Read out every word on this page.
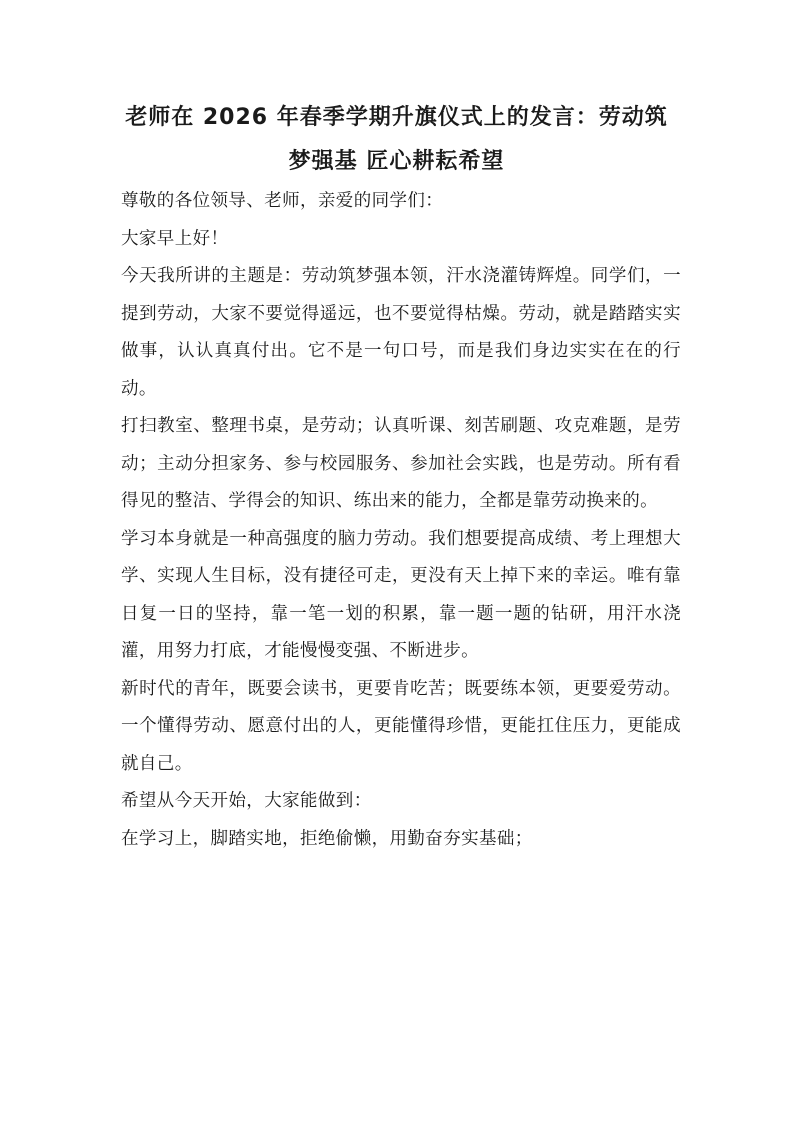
老师在 2026 年春季学期升旗仪式上的发言：劳动筑
梦强基 匠心耕耘希望

尊敬的各位领导、老师，亲爱的同学们：

大家早上好！

今天我所讲的主题是：劳动筑梦强本领，汗水浇灌铸辉煌。同学们，一提到劳动，大家不要觉得遥远，也不要觉得枯燥。劳动，就是踏踏实实做事，认认真真付出。它不是一句口号，而是我们身边实实在在的行动。

打扫教室、整理书桌，是劳动；认真听课、刻苦刷题、攻克难题，是劳动；主动分担家务、参与校园服务、参加社会实践，也是劳动。所有看得见的整洁、学得会的知识、练出来的能力，全都是靠劳动换来的。

学习本身就是一种高强度的脑力劳动。我们想要提高成绩、考上理想大学、实现人生目标，没有捷径可走，更没有天上掉下来的幸运。唯有靠日复一日的坚持，靠一笔一划的积累，靠一题一题的钻研，用汗水浇灌，用努力打底，才能慢慢变强、不断进步。

新时代的青年，既要会读书，更要肯吃苦；既要练本领，更要爱劳动。一个懂得劳动、愿意付出的人，更能懂得珍惜，更能扛住压力，更能成就自己。

希望从今天开始，大家能做到：

在学习上，脚踏实地，拒绝偷懒，用勤奋夯实基础；
